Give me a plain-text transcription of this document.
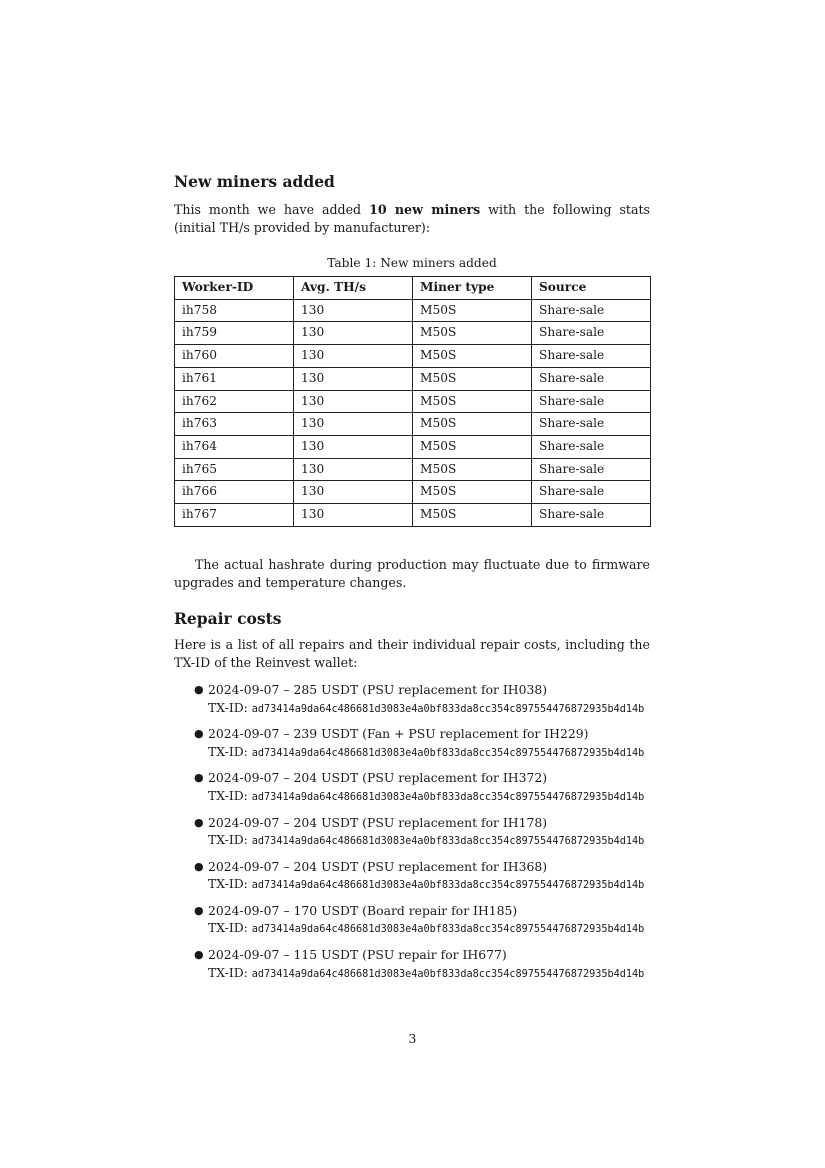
New miners added

This month we have added 10 new miners with the following stats (initial TH/s provided by manufacturer):

Table 1: New miners added
Worker-ID	Avg. TH/s	Miner type	Source
ih758	130	M50S	Share-sale
ih759	130	M50S	Share-sale
ih760	130	M50S	Share-sale
ih761	130	M50S	Share-sale
ih762	130	M50S	Share-sale
ih763	130	M50S	Share-sale
ih764	130	M50S	Share-sale
ih765	130	M50S	Share-sale
ih766	130	M50S	Share-sale
ih767	130	M50S	Share-sale

The actual hashrate during production may fluctuate due to firmware upgrades and temperature changes.

Repair costs

Here is a list of all repairs and their individual repair costs, including the TX-ID of the Reinvest wallet:

● 2024-09-07 – 285 USDT (PSU replacement for IH038)
TX-ID: ad73414a9da64c486681d3083e4a0bf833da8cc354c897554476872935b4d14b
● 2024-09-07 – 239 USDT (Fan + PSU replacement for IH229)
TX-ID: ad73414a9da64c486681d3083e4a0bf833da8cc354c897554476872935b4d14b
● 2024-09-07 – 204 USDT (PSU replacement for IH372)
TX-ID: ad73414a9da64c486681d3083e4a0bf833da8cc354c897554476872935b4d14b
● 2024-09-07 – 204 USDT (PSU replacement for IH178)
TX-ID: ad73414a9da64c486681d3083e4a0bf833da8cc354c897554476872935b4d14b
● 2024-09-07 – 204 USDT (PSU replacement for IH368)
TX-ID: ad73414a9da64c486681d3083e4a0bf833da8cc354c897554476872935b4d14b
● 2024-09-07 – 170 USDT (Board repair for IH185)
TX-ID: ad73414a9da64c486681d3083e4a0bf833da8cc354c897554476872935b4d14b
● 2024-09-07 – 115 USDT (PSU repair for IH677)
TX-ID: ad73414a9da64c486681d3083e4a0bf833da8cc354c897554476872935b4d14b
3
